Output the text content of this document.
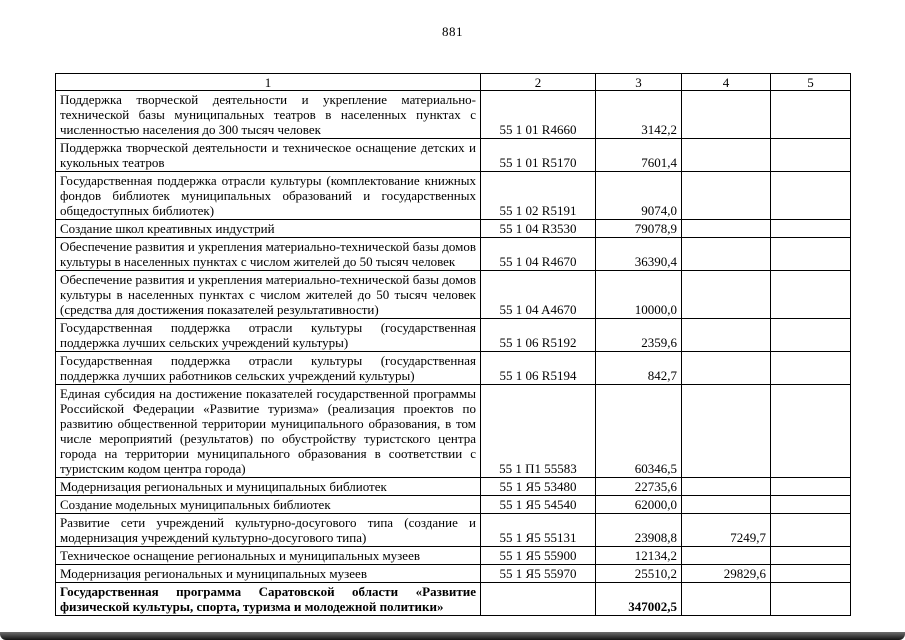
881
1	2	3	4	5
Поддержка творческой деятельности и укрепление материально-технической базы муниципальных театров в населенных пунктах с численностью населения до 300 тысяч человек	55 1 01 R4660	3142,2		
Поддержка творческой деятельности и техническое оснащение детских и кукольных театров	55 1 01 R5170	7601,4		
Государственная поддержка отрасли культуры (комплектование книжных фондов библиотек муниципальных образований и государственных общедоступных библиотек)	55 1 02 R5191	9074,0		
Создание школ креативных индустрий	55 1 04 R3530	79078,9		
Обеспечение развития и укрепления материально-технической базы домов культуры в населенных пунктах с числом жителей до 50 тысяч человек	55 1 04 R4670	36390,4		
Обеспечение развития и укрепления материально-технической базы домов культуры в населенных пунктах с числом жителей до 50 тысяч человек (средства для достижения показателей результативности)	55 1 04 A4670	10000,0		
Государственная поддержка отрасли культуры (государственная поддержка лучших сельских учреждений культуры)	55 1 06 R5192	2359,6		
Государственная поддержка отрасли культуры (государственная поддержка лучших работников сельских учреждений культуры)	55 1 06 R5194	842,7		
Единая субсидия на достижение показателей государственной программы Российской Федерации «Развитие туризма» (реализация проектов по развитию общественной территории муниципального образования, в том числе мероприятий (результатов) по обустройству туристского центра города на территории муниципального образования в соответствии с туристским кодом центра города)	55 1 П1 55583	60346,5		
Модернизация региональных и муниципальных библиотек	55 1 Я5 53480	22735,6		
Создание модельных муниципальных библиотек	55 1 Я5 54540	62000,0		
Развитие сети учреждений культурно-досугового типа (создание и модернизация учреждений культурно-досугового типа)	55 1 Я5 55131	23908,8	7249,7	
Техническое оснащение региональных и муниципальных музеев	55 1 Я5 55900	12134,2		
Модернизация региональных и муниципальных музеев	55 1 Я5 55970	25510,2	29829,6	
Государственная программа Саратовской области «Развитие физической культуры, спорта, туризма и молодежной политики»		347002,5		
